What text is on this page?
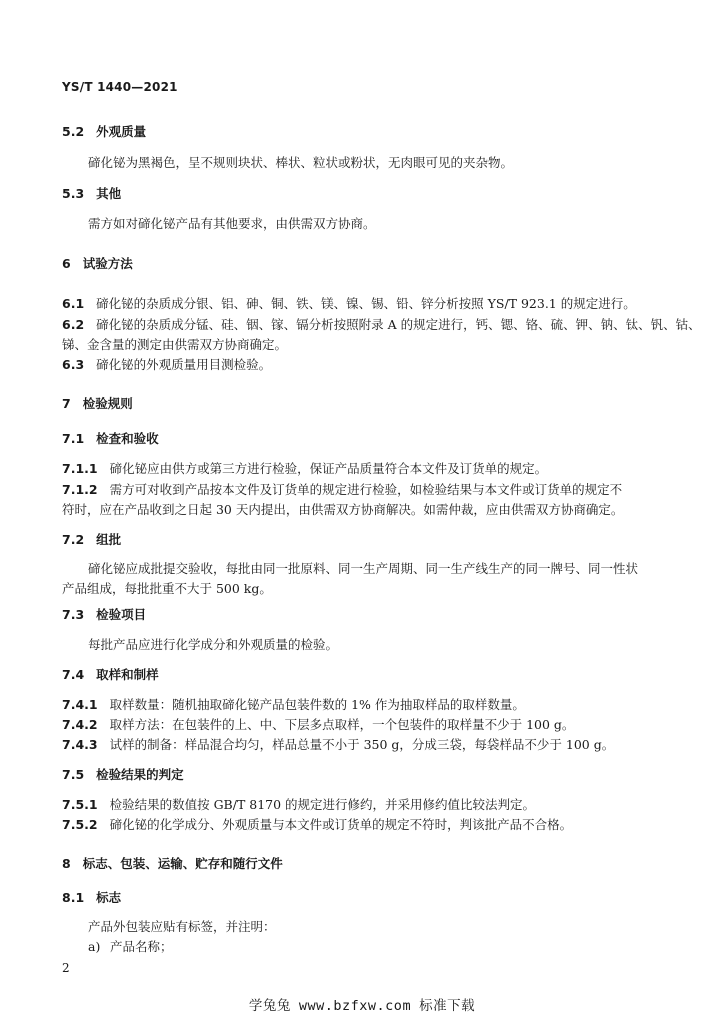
YS/T 1440—2021
5.2 外观质量
碲化铋为黑褐色，呈不规则块状、棒状、粒状或粉状，无肉眼可见的夹杂物。
5.3 其他
需方如对碲化铋产品有其他要求，由供需双方协商。
6 试验方法
6.1 碲化铋的杂质成分银、铝、砷、铜、铁、镁、镍、锡、铅、锌分析按照 YS/T 923.1 的规定进行。
6.2 碲化铋的杂质成分锰、硅、铟、镓、镉分析按照附录 A 的规定进行，钙、锶、铬、硫、钾、钠、钛、钒、钴、
锑、金含量的测定由供需双方协商确定。
6.3 碲化铋的外观质量用目测检验。
7 检验规则
7.1 检查和验收
7.1.1 碲化铋应由供方或第三方进行检验，保证产品质量符合本文件及订货单的规定。
7.1.2 需方可对收到产品按本文件及订货单的规定进行检验，如检验结果与本文件或订货单的规定不
符时，应在产品收到之日起 30 天内提出，由供需双方协商解决。如需仲裁，应由供需双方协商确定。
7.2 组批
碲化铋应成批提交验收，每批由同一批原料、同一生产周期、同一生产线生产的同一牌号、同一性状
产品组成，每批批重不大于 500 kg。
7.3 检验项目
每批产品应进行化学成分和外观质量的检验。
7.4 取样和制样
7.4.1 取样数量：随机抽取碲化铋产品包装件数的 1% 作为抽取样品的取样数量。
7.4.2 取样方法：在包装件的上、中、下层多点取样，一个包装件的取样量不少于 100 g。
7.4.3 试样的制备：样品混合均匀，样品总量不小于 350 g，分成三袋，每袋样品不少于 100 g。
7.5 检验结果的判定
7.5.1 检验结果的数值按 GB/T 8170 的规定进行修约，并采用修约值比较法判定。
7.5.2 碲化铋的化学成分、外观质量与本文件或订货单的规定不符时，判该批产品不合格。
8 标志、包装、运输、贮存和随行文件
8.1 标志
产品外包装应贴有标签，并注明：
a) 产品名称；
2
学兔兔 www.bzfxw.com 标准下载
